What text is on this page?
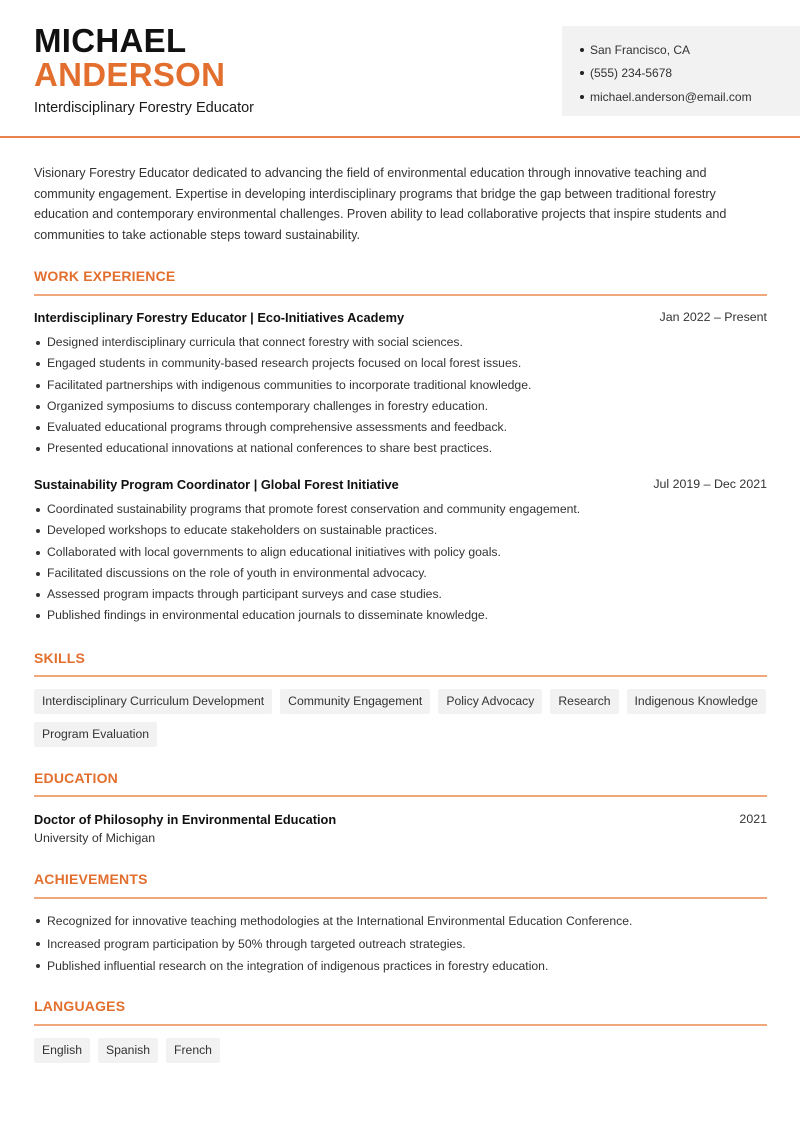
MICHAEL
ANDERSON
Interdisciplinary Forestry Educator
San Francisco, CA
(555) 234-5678
michael.anderson@email.com

Visionary Forestry Educator dedicated to advancing the field of environmental education through innovative teaching and community engagement. Expertise in developing interdisciplinary programs that bridge the gap between traditional forestry education and contemporary environmental challenges. Proven ability to lead collaborative projects that inspire students and communities to take actionable steps toward sustainability.

WORK EXPERIENCE
Interdisciplinary Forestry Educator | Eco-Initiatives Academy	Jan 2022 – Present
Designed interdisciplinary curricula that connect forestry with social sciences.
Engaged students in community-based research projects focused on local forest issues.
Facilitated partnerships with indigenous communities to incorporate traditional knowledge.
Organized symposiums to discuss contemporary challenges in forestry education.
Evaluated educational programs through comprehensive assessments and feedback.
Presented educational innovations at national conferences to share best practices.
Sustainability Program Coordinator | Global Forest Initiative	Jul 2019 – Dec 2021
Coordinated sustainability programs that promote forest conservation and community engagement.
Developed workshops to educate stakeholders on sustainable practices.
Collaborated with local governments to align educational initiatives with policy goals.
Facilitated discussions on the role of youth in environmental advocacy.
Assessed program impacts through participant surveys and case studies.
Published findings in environmental education journals to disseminate knowledge.
SKILLS
Interdisciplinary Curriculum Development	Community Engagement	Policy Advocacy	Research	Indigenous Knowledge
Program Evaluation
EDUCATION
Doctor of Philosophy in Environmental Education	2021
University of Michigan
ACHIEVEMENTS
Recognized for innovative teaching methodologies at the International Environmental Education Conference.
Increased program participation by 50% through targeted outreach strategies.
Published influential research on the integration of indigenous practices in forestry education.
LANGUAGES
English	Spanish	French
